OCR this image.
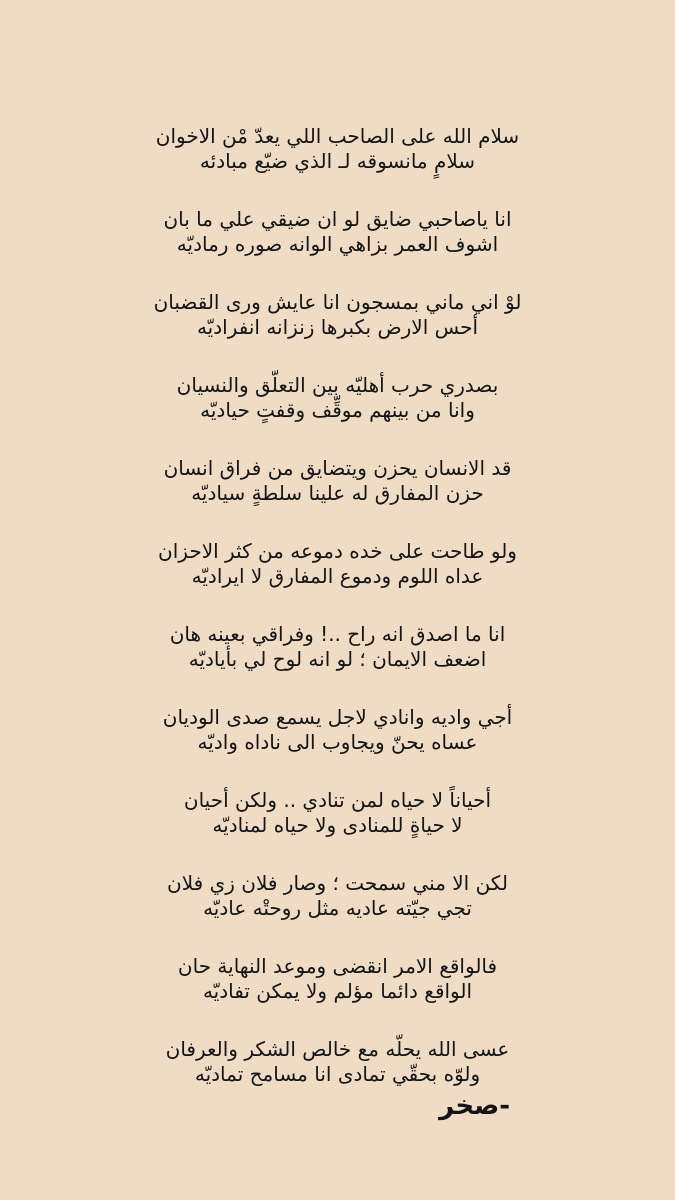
سلام الله على الصاحب اللي يعدّ مْن الاخوان
سلامٍ مانسوقه لـ الذي ضيّع مبادئه
انا ياصاحبي ضايق لو ان ضيقي علي ما بان
اشوف العمر بزاهي الوانه صوره رماديّه
لوْ اني ماني بمسجون انا عايش ورى القضبان
أحس الارض بكبرها زنزانه انفراديّه
بصدري حرب أهليّه بين التعلّق والنسيان
وانا من بينهم موقِّف وقفتٍ حياديّه
قد الانسان يحزن ويتضايق من فراق انسان
حزن المفارق له علينا سلطةٍ سياديّه
ولو طاحت على خده دموعه من كثر الاحزان
عداه اللوم ودموع المفارق لا ايراديّه
انا ما اصدق انه راح ..! وفراقي بعينه هان
اضعف الايمان ؛ لو انه لوح لي بأياديّه
أجي واديه وانادي لاجل يسمع صدى الوديان
عساه يحنّ ويجاوب الى ناداه واديّه
أحياناً لا حياه لمن تنادي .. ولكن أحيان
لا حياةٍ للمنادى ولا حياه لمناديّه
لكن الا مني سمحت ؛ وصار فلان زي فلان
تجي جيّته عاديه مثل روحتْه عاديّه
فالواقع الامر انقضى وموعد النهاية حان
الواقع دائما مؤلم ولا يمكن تفاديّه
عسى الله يحلّه مع خالص الشكر والعرفان
ولوّه بحقّي تمادى انا مسامح تماديّه
-صخر
